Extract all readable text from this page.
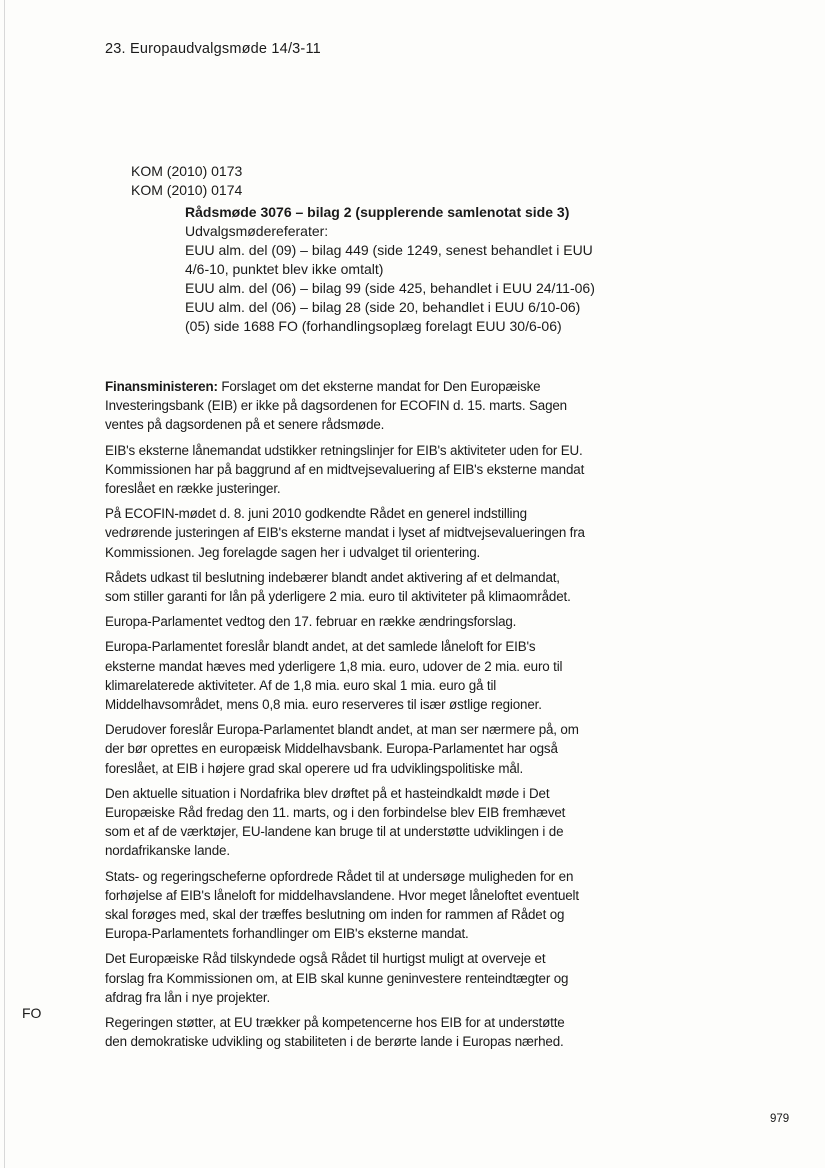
23. Europaudvalgsmøde 14/3-11
KOM (2010) 0173
KOM (2010) 0174
Rådsmøde 3076 – bilag 2 (supplerende samlenotat side 3)
Udvalgsmødereferater:
EUU alm. del (09) – bilag 449 (side 1249, senest behandlet i EUU 4/6-10, punktet blev ikke omtalt)
EUU alm. del (06) – bilag 99 (side 425, behandlet i EUU 24/11-06)
EUU alm. del (06) – bilag 28 (side 20, behandlet i EUU 6/10-06) (05) side 1688 FO (forhandlingsoplæg forelagt EUU 30/6-06)

Finansministeren: Forslaget om det eksterne mandat for Den Europæiske Investeringsbank (EIB) er ikke på dagsordenen for ECOFIN d. 15. marts. Sagen ventes på dagsordenen på et senere rådsmøde.

EIB's eksterne lånemandat udstikker retningslinjer for EIB's aktiviteter uden for EU. Kommissionen har på baggrund af en midtvejsevaluering af EIB's eksterne mandat foreslået en række justeringer.

På ECOFIN-mødet d. 8. juni 2010 godkendte Rådet en generel indstilling vedrørende justeringen af EIB's eksterne mandat i lyset af midtvejsevalueringen fra Kommissionen. Jeg forelagde sagen her i udvalget til orientering.

Rådets udkast til beslutning indebærer blandt andet aktivering af et delmandat, som stiller garanti for lån på yderligere 2 mia. euro til aktiviteter på klimaområdet.

Europa-Parlamentet vedtog den 17. februar en række ændringsforslag.

Europa-Parlamentet foreslår blandt andet, at det samlede låneloft for EIB's eksterne mandat hæves med yderligere 1,8 mia. euro, udover de 2 mia. euro til klimarelaterede aktiviteter. Af de 1,8 mia. euro skal 1 mia. euro gå til Middelhavsområdet, mens 0,8 mia. euro reserveres til især østlige regioner.

Derudover foreslår Europa-Parlamentet blandt andet, at man ser nærmere på, om der bør oprettes en europæisk Middelhavsbank. Europa-Parlamentet har også foreslået, at EIB i højere grad skal operere ud fra udviklingspolitiske mål.

Den aktuelle situation i Nordafrika blev drøftet på et hasteindkaldt møde i Det Europæiske Råd fredag den 11. marts, og i den forbindelse blev EIB fremhævet som et af de værktøjer, EU-landene kan bruge til at understøtte udviklingen i de nordafrikanske lande.

Stats- og regeringscheferne opfordrede Rådet til at undersøge muligheden for en forhøjelse af EIB's låneloft for middelhavslandene. Hvor meget låneloftet eventuelt skal forøges med, skal der træffes beslutning om inden for rammen af Rådet og Europa-Parlamentets forhandlinger om EIB's eksterne mandat.

Det Europæiske Råd tilskyndede også Rådet til hurtigst muligt at overveje et forslag fra Kommissionen om, at EIB skal kunne geninvestere renteindtægter og afdrag fra lån i nye projekter.

Regeringen støtter, at EU trækker på kompetencerne hos EIB for at understøtte den demokratiske udvikling og stabiliteten i de berørte lande i Europas nærhed.

FO
979
